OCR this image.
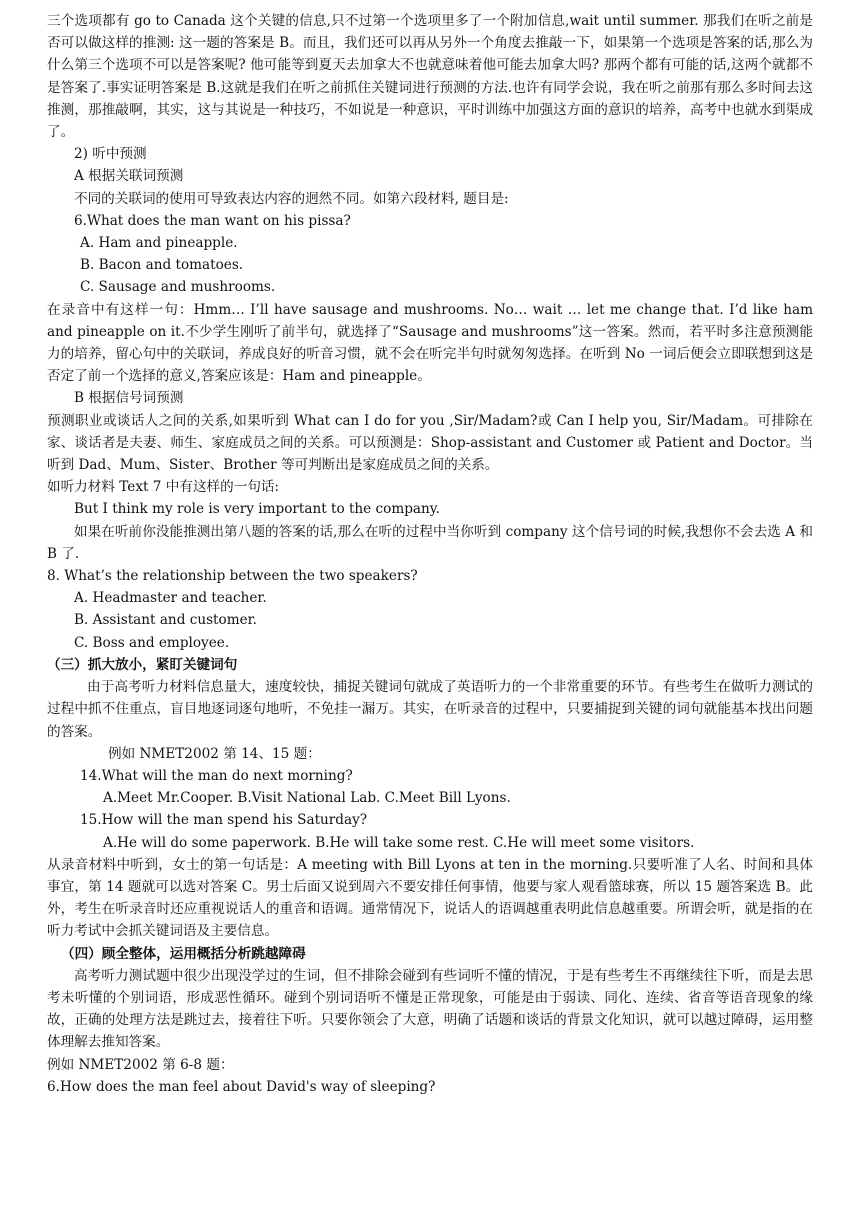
三个选项都有 go to Canada 这个关键的信息,只不过第一个选项里多了一个附加信息,wait until summer. 那我们在听之前是否可以做这样的推测: 这一题的答案是 B。而且，我们还可以再从另外一个角度去推敲一下，如果第一个选项是答案的话,那么为什么第三个选项不可以是答案呢? 他可能等到夏天去加拿大不也就意味着他可能去加拿大吗? 那两个都有可能的话,这两个就都不是答案了.事实证明答案是 B.这就是我们在听之前抓住关键词进行预测的方法.也许有同学会说，我在听之前那有那么多时间去这推测，那推敲啊，其实，这与其说是一种技巧，不如说是一种意识，平时训练中加强这方面的意识的培养，高考中也就水到渠成了。

2) 听中预测

A 根据关联词预测

不同的关联词的使用可导致表达内容的迥然不同。如第六段材料, 题目是:

6.What does the man want on his pissa?

A. Ham and pineapple.

B. Bacon and tomatoes.

C. Sausage and mushrooms.

在录音中有这样一句：Hmm… I’ll have sausage and mushrooms. No… wait … let me change that. I’d like ham and pineapple on it.不少学生刚听了前半句，就选择了“Sausage and mushrooms”这一答案。然而，若平时多注意预测能力的培养，留心句中的关联词，养成良好的听音习惯，就不会在听完半句时就匆匆选择。在听到 No 一词后便会立即联想到这是否定了前一个选择的意义,答案应该是：Ham and pineapple。

B 根据信号词预测

预测职业或谈话人之间的关系,如果听到 What can I do for you ,Sir/Madam?或 Can I help you, Sir/Madam。可排除在家、谈话者是夫妻、师生、家庭成员之间的关系。可以预测是：Shop-assistant and Customer 或 Patient and Doctor。当听到 Dad、Mum、Sister、Brother 等可判断出是家庭成员之间的关系。

如听力材料 Text 7 中有这样的一句话:

But I think my role is very important to the company.

如果在听前你没能推测出第八题的答案的话,那么在听的过程中当你听到 company 这个信号词的时候,我想你不会去选 A 和 B 了.

8. What’s the relationship between the two speakers?

A. Headmaster and teacher.

B. Assistant and customer.

C. Boss and employee.

（三）抓大放小，紧盯关键词句

由于高考听力材料信息量大，速度较快，捕捉关键词句就成了英语听力的一个非常重要的环节。有些考生在做听力测试的过程中抓不住重点，盲目地逐词逐句地听，不免挂一漏万。其实，在听录音的过程中，只要捕捉到关键的词句就能基本找出问题的答案。

例如 NMET2002 第 14、15 题：

14.What will the man do next morning?

A.Meet Mr.Cooper. B.Visit National Lab. C.Meet Bill Lyons.

15.How will the man spend his Saturday?

A.He will do some paperwork. B.He will take some rest. C.He will meet some visitors.

从录音材料中听到，女士的第一句话是：A meeting with Bill Lyons at ten in the morning.只要听准了人名、时间和具体事宜，第 14 题就可以选对答案 C。男士后面又说到周六不要安排任何事情，他要与家人观看篮球赛，所以 15 题答案选 B。此外，考生在听录音时还应重视说话人的重音和语调。通常情况下，说话人的语调越重表明此信息越重要。所谓会听，就是指的在听力考试中会抓关键词语及主要信息。

（四）顾全整体，运用概括分析跳越障碍

高考听力测试题中很少出现没学过的生词，但不排除会碰到有些词听不懂的情况，于是有些考生不再继续往下听，而是去思考未听懂的个别词语，形成恶性循环。碰到个别词语听不懂是正常现象，可能是由于弱读、同化、连续、省音等语音现象的缘故，正确的处理方法是跳过去，接着往下听。只要你领会了大意，明确了话题和谈话的背景文化知识，就可以越过障碍，运用整体理解去推知答案。

例如 NMET2002 第 6-8 题：

6.How does the man feel about David's way of sleeping?
